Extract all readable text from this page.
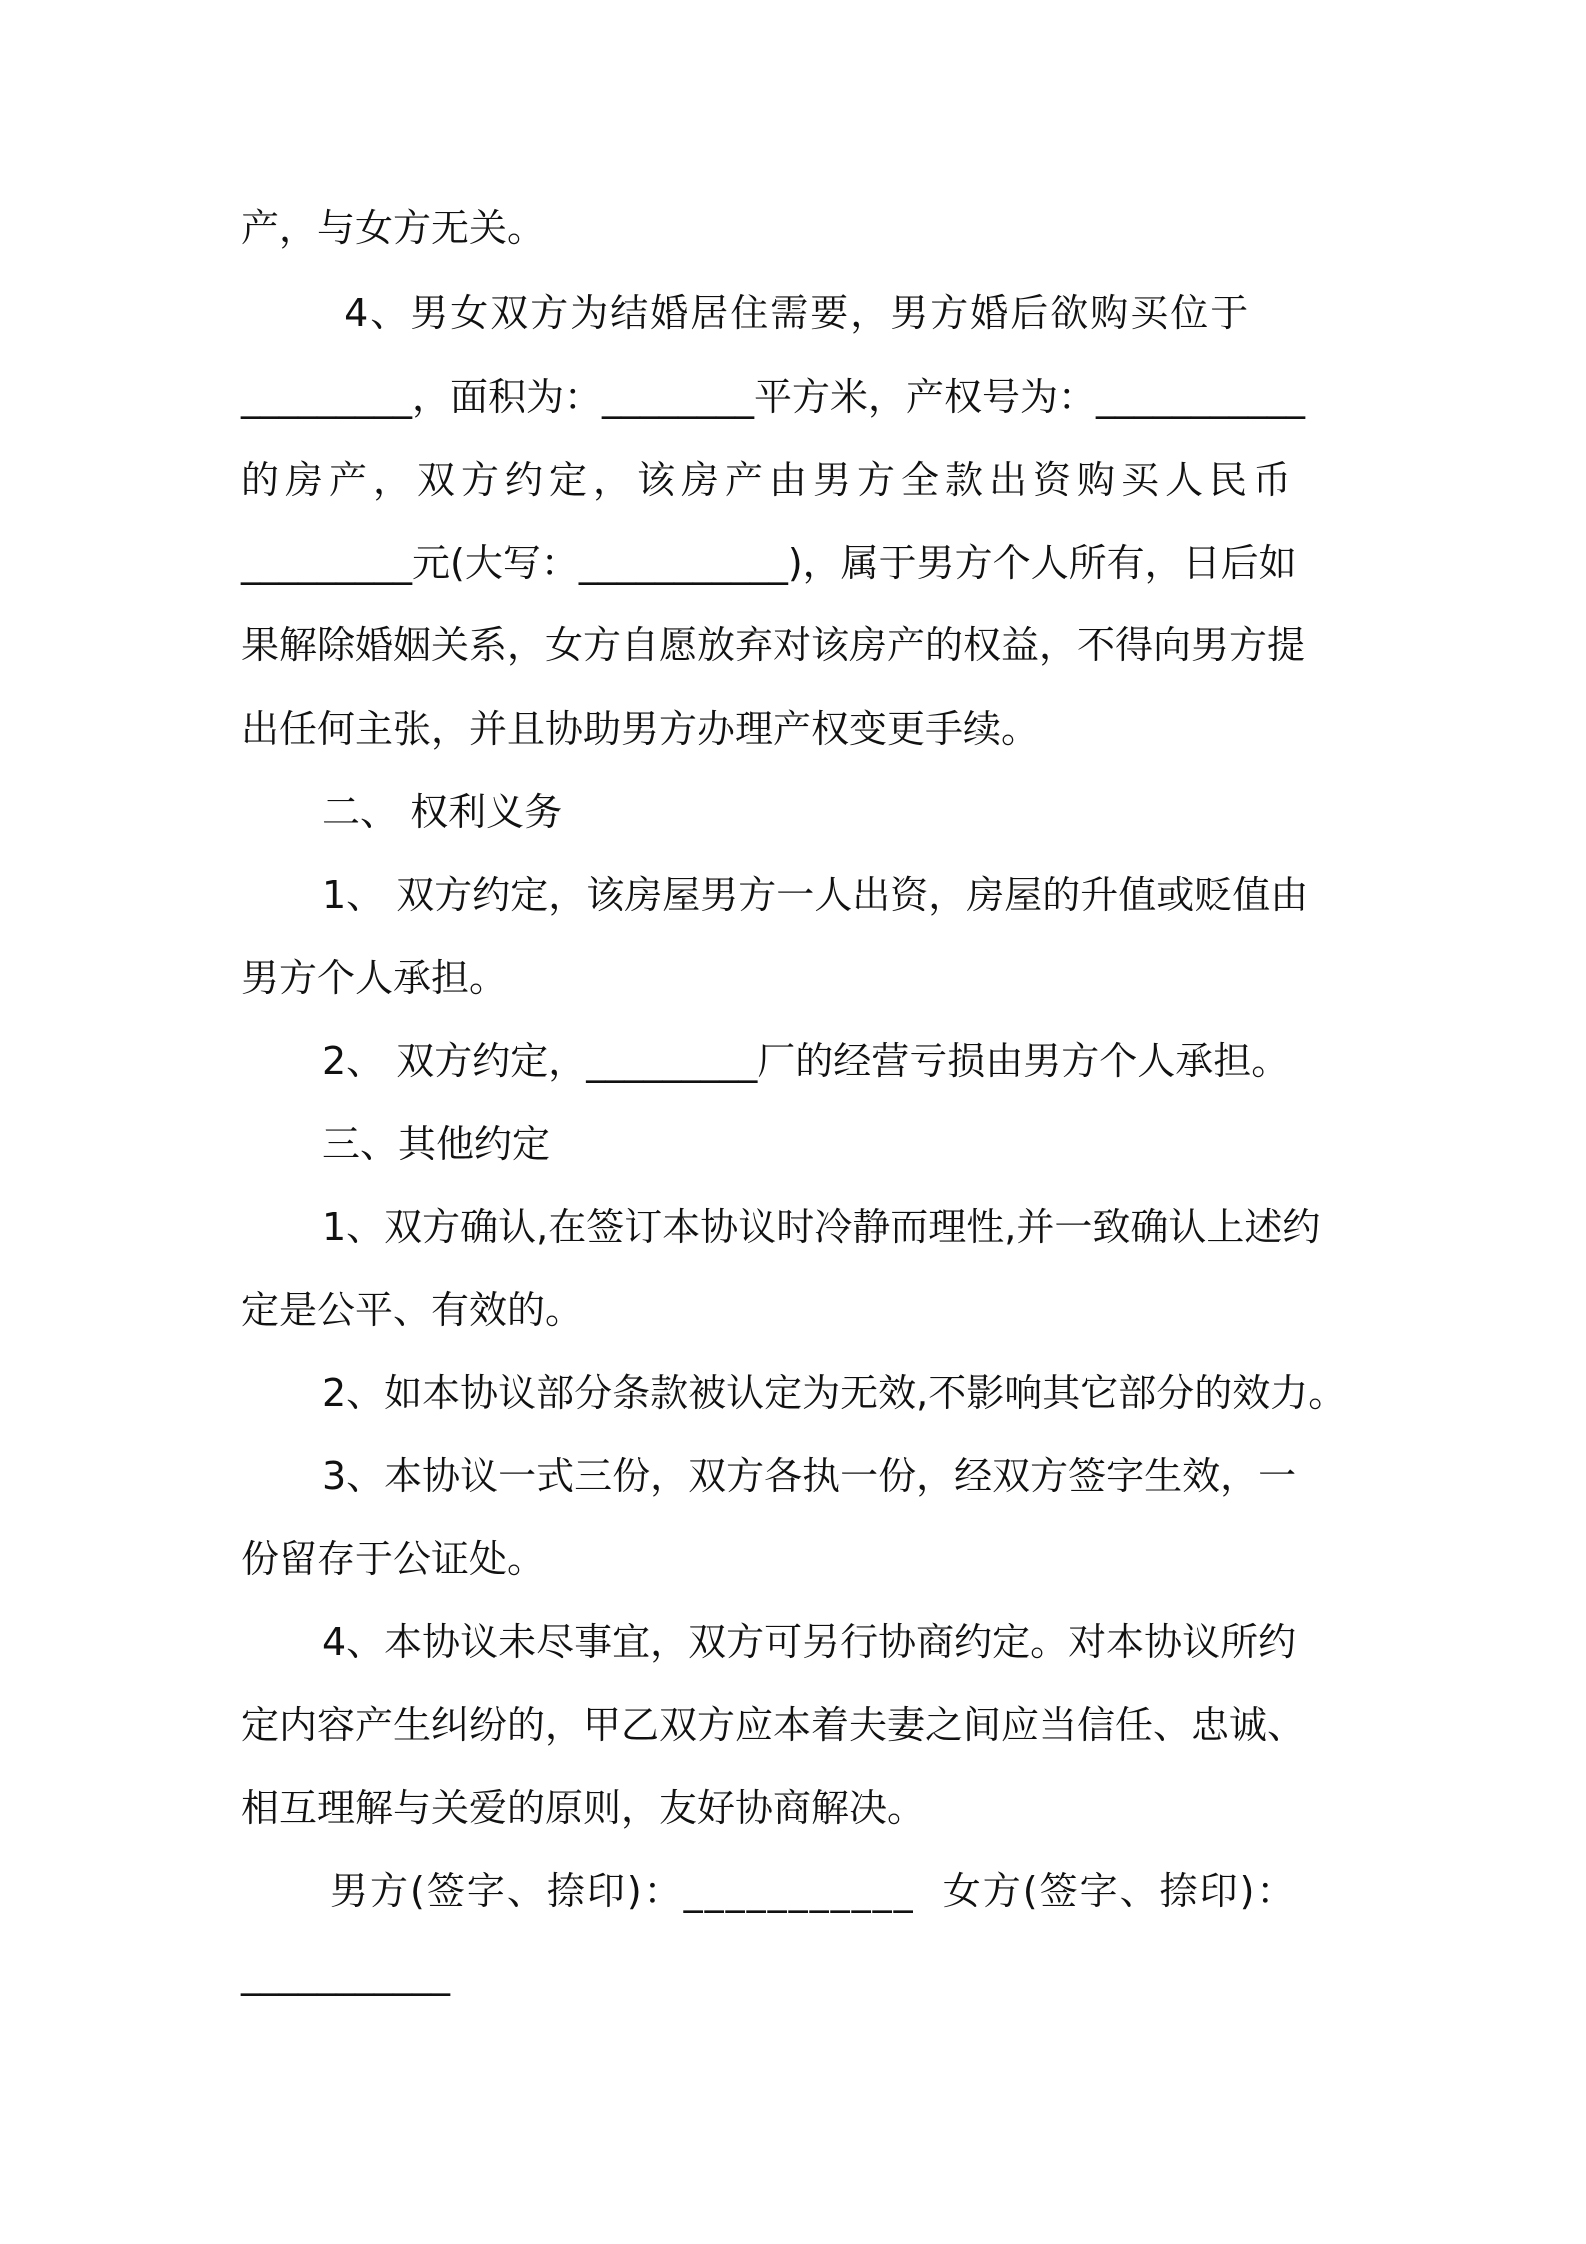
产，与女方无关。
4、男女双方为结婚居住需要，男方婚后欲购买位于
_________，面积为：________平方米，产权号为：___________
的房产，双方约定，该房产由男方全款出资购买人民币
_________元(大写：___________)，属于男方个人所有，日后如
果解除婚姻关系，女方自愿放弃对该房产的权益，不得向男方提
出任何主张，并且协助男方办理产权变更手续。
二、 权利义务
1、 双方约定，该房屋男方一人出资，房屋的升值或贬值由
男方个人承担。
2、 双方约定，_________厂的经营亏损由男方个人承担。
三、其他约定
1、双方确认,在签订本协议时冷静而理性,并一致确认上述约
定是公平、有效的。
2、如本协议部分条款被认定为无效,不影响其它部分的效力。
3、本协议一式三份，双方各执一份，经双方签字生效，一
份留存于公证处。
4、本协议未尽事宜，双方可另行协商约定。对本协议所约
定内容产生纠纷的，甲乙双方应本着夫妻之间应当信任、忠诚、
相互理解与关爱的原则，友好协商解决。
男方(签字、捺印)：___________  女方(签字、捺印)：
___________
